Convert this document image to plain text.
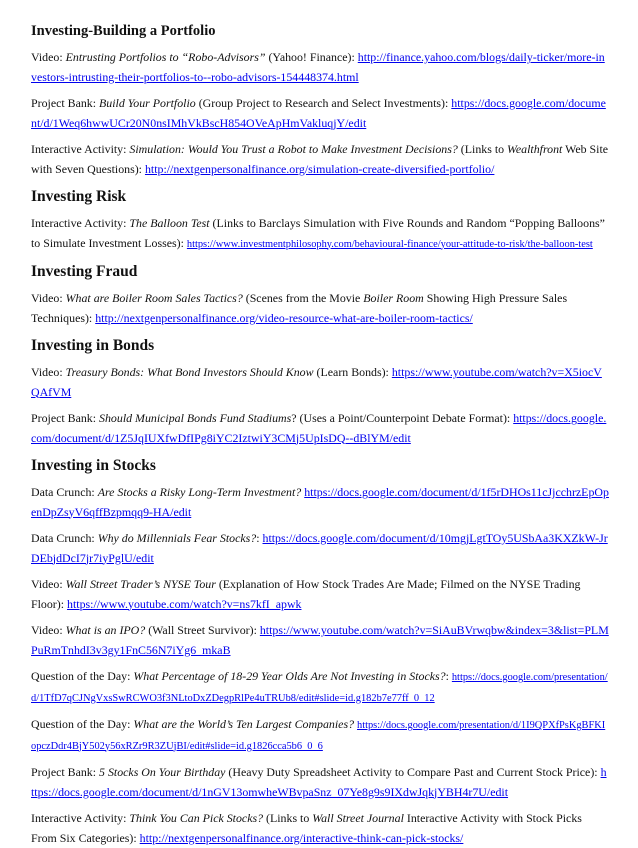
Investing-Building a Portfolio
Video: Entrusting Portfolios to “Robo-Advisors” (Yahoo! Finance): http://finance.yahoo.com/blogs/daily-ticker/more-investors-intrusting-their-portfolios-to--robo-advisors-154448374.html
Project Bank: Build Your Portfolio (Group Project to Research and Select Investments): https://docs.google.com/document/d/1Weq6hwwUCr20N0nsIMhVkBscH854OVeApHmVakluqjY/edit
Interactive Activity: Simulation: Would You Trust a Robot to Make Investment Decisions? (Links to Wealthfront Web Site with Seven Questions): http://nextgenpersonalfinance.org/simulation-create-diversified-portfolio/
Investing Risk
Interactive Activity: The Balloon Test (Links to Barclays Simulation with Five Rounds and Random “Popping Balloons” to Simulate Investment Losses): https://www.investmentphilosophy.com/behavioural-finance/your-attitude-to-risk/the-balloon-test
Investing Fraud
Video: What are Boiler Room Sales Tactics? (Scenes from the Movie Boiler Room Showing High Pressure Sales Techniques): http://nextgenpersonalfinance.org/video-resource-what-are-boiler-room-tactics/
Investing in Bonds
Video: Treasury Bonds: What Bond Investors Should Know (Learn Bonds): https://www.youtube.com/watch?v=X5iocVQAfVM
Project Bank: Should Municipal Bonds Fund Stadiums? (Uses a Point/Counterpoint Debate Format): https://docs.google.com/document/d/1Z5JqIUXfwDfIPg8iYC2IztwiY3CMj5UpIsDQ--dBlYM/edit
Investing in Stocks
Data Crunch: Are Stocks a Risky Long-Term Investment? https://docs.google.com/document/d/1f5rDHOs11cJjcchrzEpOpenDpZsyV6qffBzpmqq9-HA/edit
Data Crunch: Why do Millennials Fear Stocks?: https://docs.google.com/document/d/10mgjLgtTOy5USbAa3KXZkW-JrDEbjdDcI7jr7iyPglU/edit
Video: Wall Street Trader’s NYSE Tour (Explanation of How Stock Trades Are Made; Filmed on the NYSE Trading Floor): https://www.youtube.com/watch?v=ns7kfI_apwk
Video: What is an IPO? (Wall Street Survivor): https://www.youtube.com/watch?v=SiAuBVrwqbw&index=3&list=PLMPuRmTnhdI3v3gy1FnC56N7iYg6_mkaB
Question of the Day: What Percentage of 18-29 Year Olds Are Not Investing in Stocks?: https://docs.google.com/presentation/d/1TfD7qCJNgVxsSwRCWO3f3NLtoDxZDegpRlPe4uTRUb8/edit#slide=id.g182b7e77ff_0_12
Question of the Day: What are the World’s Ten Largest Companies? https://docs.google.com/presentation/d/1I9QPXfPsKgBFKIopczDdr4BjY502y56xRZr9R3ZUjBI/edit#slide=id.g1826cca5b6_0_6
Project Bank: 5 Stocks On Your Birthday (Heavy Duty Spreadsheet Activity to Compare Past and Current Stock Price): https://docs.google.com/document/d/1nGV13omwheWBvpaSnz_07Ye8g9s9IXdwJqkjYBH4r7U/edit
Interactive Activity: Think You Can Pick Stocks? (Links to Wall Street Journal Interactive Activity with Stock Picks From Six Categories): http://nextgenpersonalfinance.org/interactive-think-can-pick-stocks/
